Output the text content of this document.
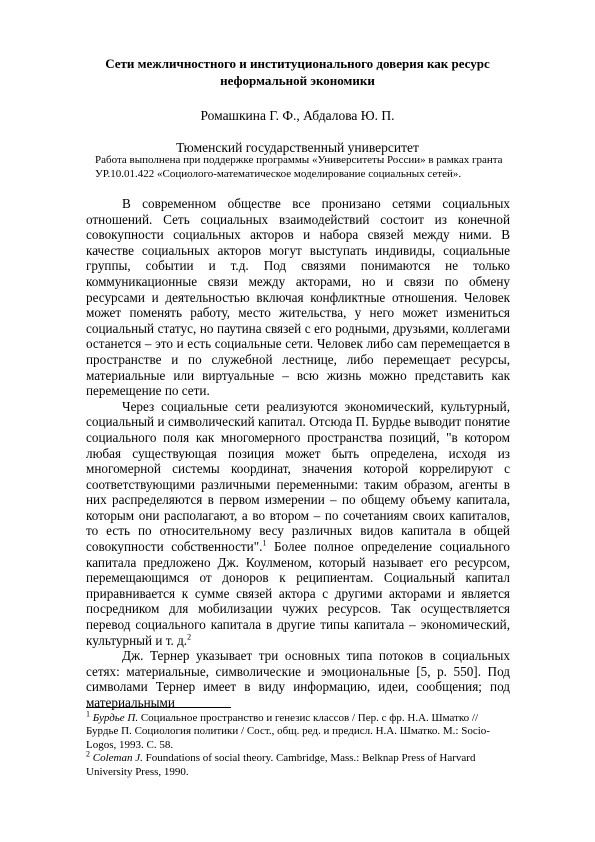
Сети межличностного и институционального доверия как ресурс неформальной экономики
Ромашкина Г. Ф., Абдалова Ю. П.
Тюменский государственный университет
Работа выполнена при поддержке программы «Университеты России» в рамках гранта УР.10.01.422 «Социолого-математическое моделирование социальных сетей».

В современном обществе все пронизано сетями социальных отношений. Сеть социальных взаимодействий состоит из конечной совокупности социальных акторов и набора связей между ними. В качестве социальных акторов могут выступать индивиды, социальные группы, событии и т.д. Под связями понимаются не только коммуникационные связи между акторами, но и связи по обмену ресурсами и деятельностью включая конфликтные отношения. Человек может поменять работу, место жительства, у него может измениться социальный статус, но паутина связей с его родными, друзьями, коллегами останется – это и есть социальные сети. Человек либо сам перемещается в пространстве и по служебной лестнице, либо перемещает ресурсы, материальные или виртуальные – всю жизнь можно представить как перемещение по сети.

Через социальные сети реализуются экономический, культурный, социальный и символический капитал. Отсюда П. Бурдье выводит понятие социального поля как многомерного пространства позиций, "в котором любая существующая позиция может быть определена, исходя из многомерной системы координат, значения которой коррелируют с соответствующими различными переменными: таким образом, агенты в них распределяются в первом измерении – по общему объему капитала, которым они располагают, а во втором – по сочетаниям своих капиталов, то есть по относительному весу различных видов капитала в общей совокупности собственности".$^1$ Более полное определение социального капитала предложено Дж. Коулменом, который называет его ресурсом, перемещающимся от доноров к реципиентам. Социальный капитал приравнивается к сумме связей актора с другими акторами и является посредником для мобилизации чужих ресурсов. Так осуществляется перевод социального капитала в другие типы капитала – экономический, культурный и т. д.$^2$

Дж. Тернер указывает три основных типа потоков в социальных сетях: материальные, символические и эмоциональные [5, p. 550]. Под символами Тернер имеет в виду информацию, идеи, сообщения; под материальными

$^1$ Бурдье П. Социальное пространство и генезис классов / Пер. с фр. Н.А. Шматко // Бурдье П. Социология политики / Сост., общ. ред. и предисл. Н.А. Шматко. М.: Socio-Logos, 1993. С. 58.
$^2$ Coleman J. Foundations of social theory. Cambridge, Mass.: Belknap Press of Harvard University Press, 1990.
